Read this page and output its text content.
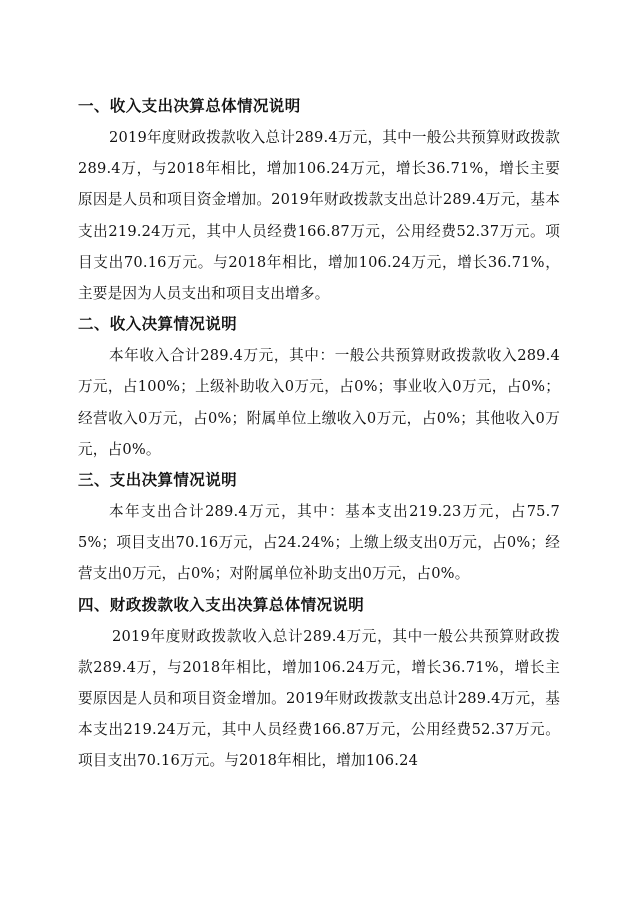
一、收入支出决算总体情况说明
2019年度财政拨款收入总计289.4万元，其中一般公共预算财政拨款289.4万，与2018年相比，增加106.24万元，增长36.71%，增长主要原因是人员和项目资金增加。2019年财政拨款支出总计289.4万元，基本支出219.24万元，其中人员经费166.87万元，公用经费52.37万元。项目支出70.16万元。与2018年相比，增加106.24万元，增长36.71%，主要是因为人员支出和项目支出增多。
二、收入决算情况说明
本年收入合计289.4万元，其中：一般公共预算财政拨款收入289.4万元，占100%；上级补助收入0万元，占0%；事业收入0万元，占0%；经营收入0万元，占0%；附属单位上缴收入0万元，占0%；其他收入0万元，占0%。
三、支出决算情况说明
本年支出合计289.4万元，其中：基本支出219.23万元，占75.75%；项目支出70.16万元，占24.24%；上缴上级支出0万元，占0%；经营支出0万元，占0%；对附属单位补助支出0万元，占0%。
四、财政拨款收入支出决算总体情况说明
2019年度财政拨款收入总计289.4万元，其中一般公共预算财政拨款289.4万，与2018年相比，增加106.24万元，增长36.71%，增长主要原因是人员和项目资金增加。2019年财政拨款支出总计289.4万元，基本支出219.24万元，其中人员经费166.87万元，公用经费52.37万元。项目支出70.16万元。与2018年相比，增加106.24
